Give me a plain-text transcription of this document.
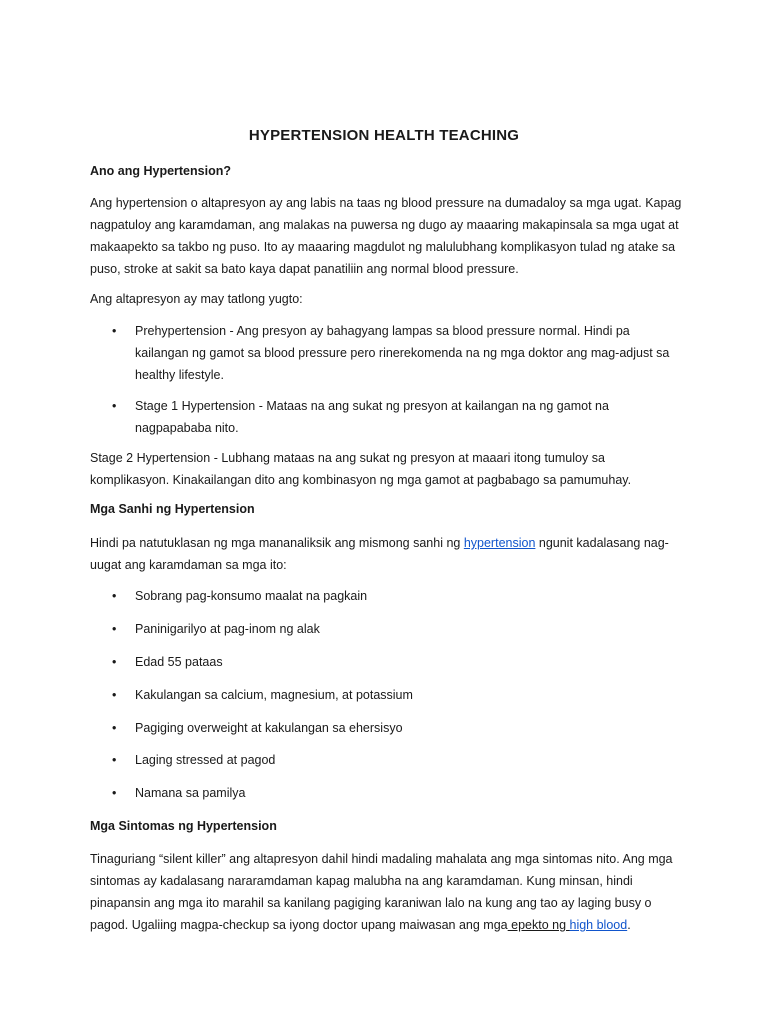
HYPERTENSION HEALTH TEACHING
Ano ang Hypertension?

Ang hypertension o altapresyon ay ang labis na taas ng blood pressure na dumadaloy sa mga ugat. Kapag nagpatuloy ang karamdaman, ang malakas na puwersa ng dugo ay maaaring makapinsala sa mga ugat at makaapekto sa takbo ng puso. Ito ay maaaring magdulot ng malulubhang komplikasyon tulad ng atake sa puso, stroke at sakit sa bato kaya dapat panatiliin ang normal blood pressure.

Ang altapresyon ay may tatlong yugto:

•	Prehypertension - Ang presyon ay bahagyang lampas sa blood pressure normal. Hindi pa kailangan ng gamot sa blood pressure pero rinerekomenda na ng mga doktor ang mag-adjust sa healthy lifestyle.
•	Stage 1 Hypertension - Mataas na ang sukat ng presyon at kailangan na ng gamot na nagpapababa nito.

Stage 2 Hypertension - Lubhang mataas na ang sukat ng presyon at maaari itong tumuloy sa komplikasyon. Kinakailangan dito ang kombinasyon ng mga gamot at pagbabago sa pamumuhay.

Mga Sanhi ng Hypertension

Hindi pa natutuklasan ng mga mananaliksik ang mismong sanhi ng hypertension ngunit kadalasang nag-uugat ang karamdaman sa mga ito:

•	Sobrang pag-konsumo maalat na pagkain
•	Paninigarilyo at pag-inom ng alak
•	Edad 55 pataas
•	Kakulangan sa calcium, magnesium, at potassium
•	Pagiging overweight at kakulangan sa ehersisyo
•	Laging stressed at pagod
•	Namana sa pamilya
Mga Sintomas ng Hypertension

Tinaguriang “silent killer” ang altapresyon dahil hindi madaling mahalata ang mga sintomas nito. Ang mga sintomas ay kadalasang nararamdaman kapag malubha na ang karamdaman. Kung minsan, hindi pinapansin ang mga ito marahil sa kanilang pagiging karaniwan lalo na kung ang tao ay laging busy o pagod. Ugaliing magpa-checkup sa iyong doctor upang maiwasan ang mga epekto ng high blood.
